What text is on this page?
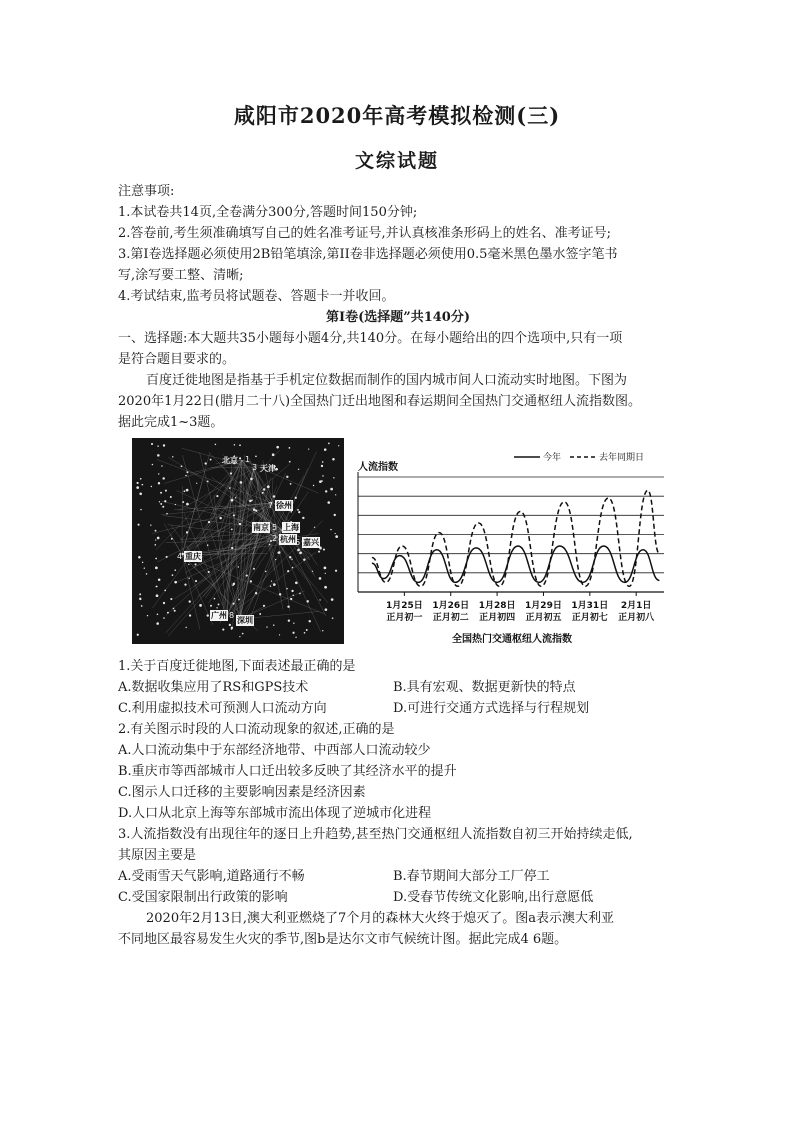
咸阳市2020年高考模拟检测(三)
文综试题
注意事项:
1.本试卷共14页,全卷满分300分,答题时间150分钟;
2.答卷前,考生须准确填写自己的姓名准考证号,并认真核准条形码上的姓名、准考证号;
3.第I卷选择题必须使用2B铅笔填涂,第II卷非选择题必须使用0.5毫米黑色墨水签字笔书
写,涂写要工整、清晰;
4.考试结束,监考员将试题卷、答题卡一并收回。
第I卷(选择题”共140分)
一、选择题:本大题共35小题每小题4分,共140分。在每小题给出的四个选项中,只有一项
是符合题目要求的。
百度迁徙地图是指基于手机定位数据而制作的国内城市间人口流动实时地图。下图为
2020年1月22日(腊月二十八)全国热门迁出地图和春运期间全国热门交通枢纽人流指数图。
据此完成1~3题。
北京 1
3 天津
7 徐州
南京 5 上海
2 杭州 6 嘉兴
4 重庆
广州 8
深圳
人流指数
今年	去年同期日
1月25日
正月初一
1月26日
正月初二
1月28日
正月初四
1月29日
正月初五
1月31日
正月初七
2月1日
正月初八
全国热门交通枢纽人流指数
1.关于百度迁徙地图,下面表述最正确的是
A.数据收集应用了RS和GPS技术	B.具有宏观、数据更新快的特点
C.利用虚拟技术可预测人口流动方向	D.可进行交通方式选择与行程规划
2.有关图示时段的人口流动现象的叙述,正确的是
A.人口流动集中于东部经济地带、中西部人口流动较少
B.重庆市等西部城市人口迁出较多反映了其经济水平的提升
C.图示人口迁移的主要影响因素是经济因素
D.人口从北京上海等东部城市流出体现了逆城市化进程
3.人流指数没有出现往年的逐日上升趋势,甚至热门交通枢纽人流指数自初三开始持续走低,
其原因主要是
A.受雨雪天气影响,道路通行不畅	B.春节期间大部分工厂停工
C.受国家限制出行政策的影响	D.受春节传统文化影响,出行意愿低
2020年2月13日,澳大利亚燃烧了7个月的森林大火终于熄灭了。图a表示澳大利亚
不同地区最容易发生火灾的季节,图b是达尔文市气候统计图。据此完成4 6题。
